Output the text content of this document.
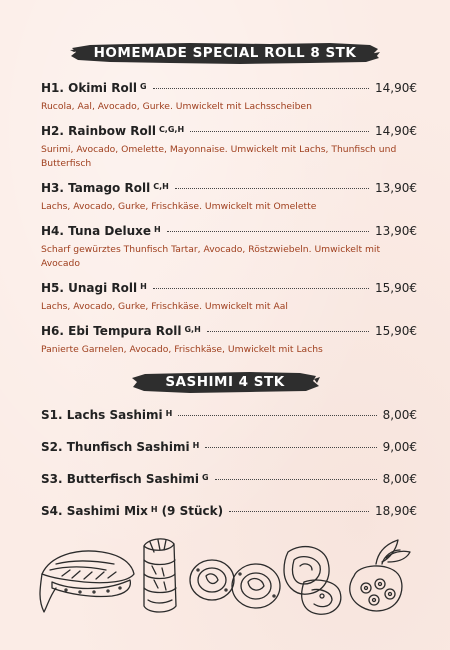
HOMEMADE SPECIAL ROLL 8 STK
H1. Okimi Roll G	14,90€
Rucola, Aal, Avocado, Gurke. Umwickelt mit Lachsscheiben
H2. Rainbow Roll C,G,H	14,90€
Surimi, Avocado, Omelette, Mayonnaise. Umwickelt mit Lachs, Thunfisch und Butterfisch
H3. Tamago Roll C,H	13,90€
Lachs, Avocado, Gurke, Frischkäse. Umwickelt mit Omelette
H4. Tuna Deluxe H	13,90€
Scharf gewürztes Thunfisch Tartar, Avocado, Röstzwiebeln. Umwickelt mit Avocado
H5. Unagi Roll H	15,90€
Lachs, Avocado, Gurke, Frischkäse. Umwickelt mit Aal
H6. Ebi Tempura Roll G,H	15,90€
Panierte Garnelen, Avocado, Frischkäse, Umwickelt mit Lachs
SASHIMI 4 STK
S1. Lachs Sashimi H	8,00€
S2. Thunfisch Sashimi H	9,00€
S3. Butterfisch Sashimi G	8,00€
S4. Sashimi Mix H (9 Stück)	18,90€
